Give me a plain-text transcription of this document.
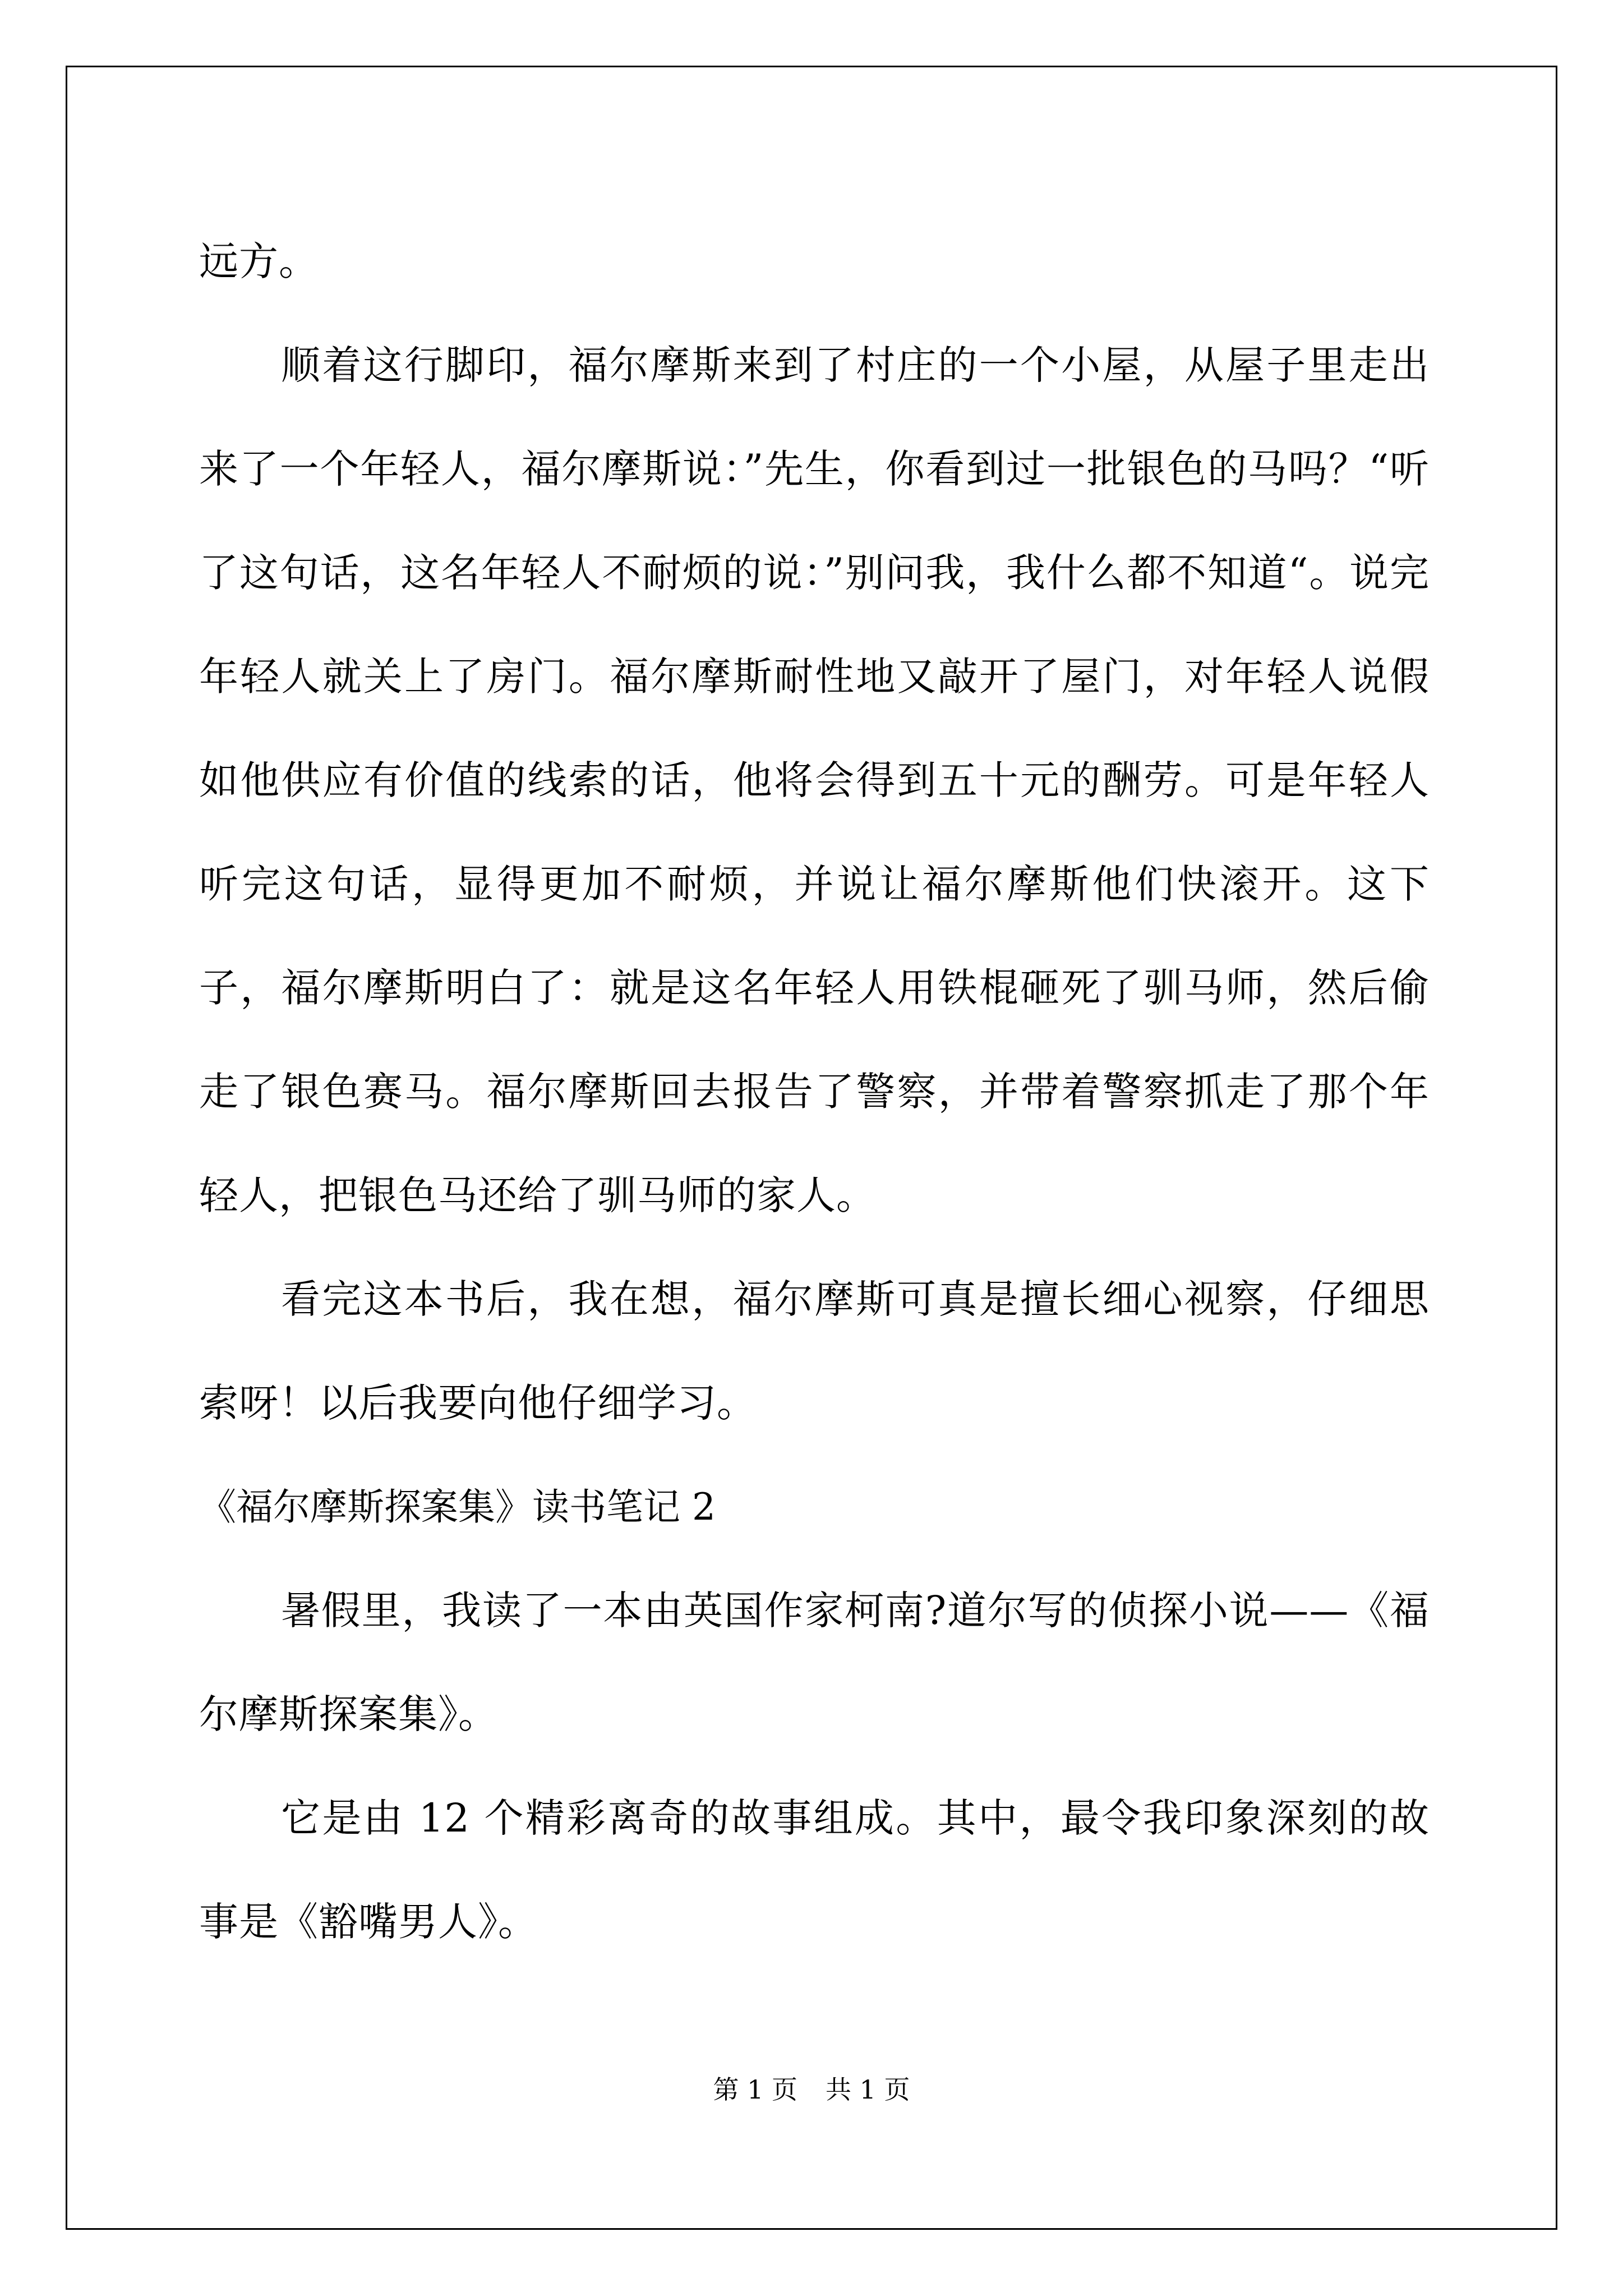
远方。

顺着这行脚印，福尔摩斯来到了村庄的一个小屋，从屋子里走出来了一个年轻人，福尔摩斯说：”先生，你看到过一批银色的马吗？“听了这句话，这名年轻人不耐烦的说：”别问我，我什么都不知道“。说完年轻人就关上了房门。福尔摩斯耐性地又敲开了屋门，对年轻人说假如他供应有价值的线索的话，他将会得到五十元的酬劳。可是年轻人听完这句话，显得更加不耐烦，并说让福尔摩斯他们快滚开。这下子，福尔摩斯明白了：就是这名年轻人用铁棍砸死了驯马师，然后偷走了银色赛马。福尔摩斯回去报告了警察，并带着警察抓走了那个年轻人，把银色马还给了驯马师的家人。

看完这本书后，我在想，福尔摩斯可真是擅长细心视察，仔细思索呀！以后我要向他仔细学习。

《福尔摩斯探案集》读书笔记 2

暑假里，我读了一本由英国作家柯南?道尔写的侦探小说——《福尔摩斯探案集》。

它是由 12 个精彩离奇的故事组成。其中，最令我印象深刻的故事是《豁嘴男人》。

第 1 页 共 1 页
